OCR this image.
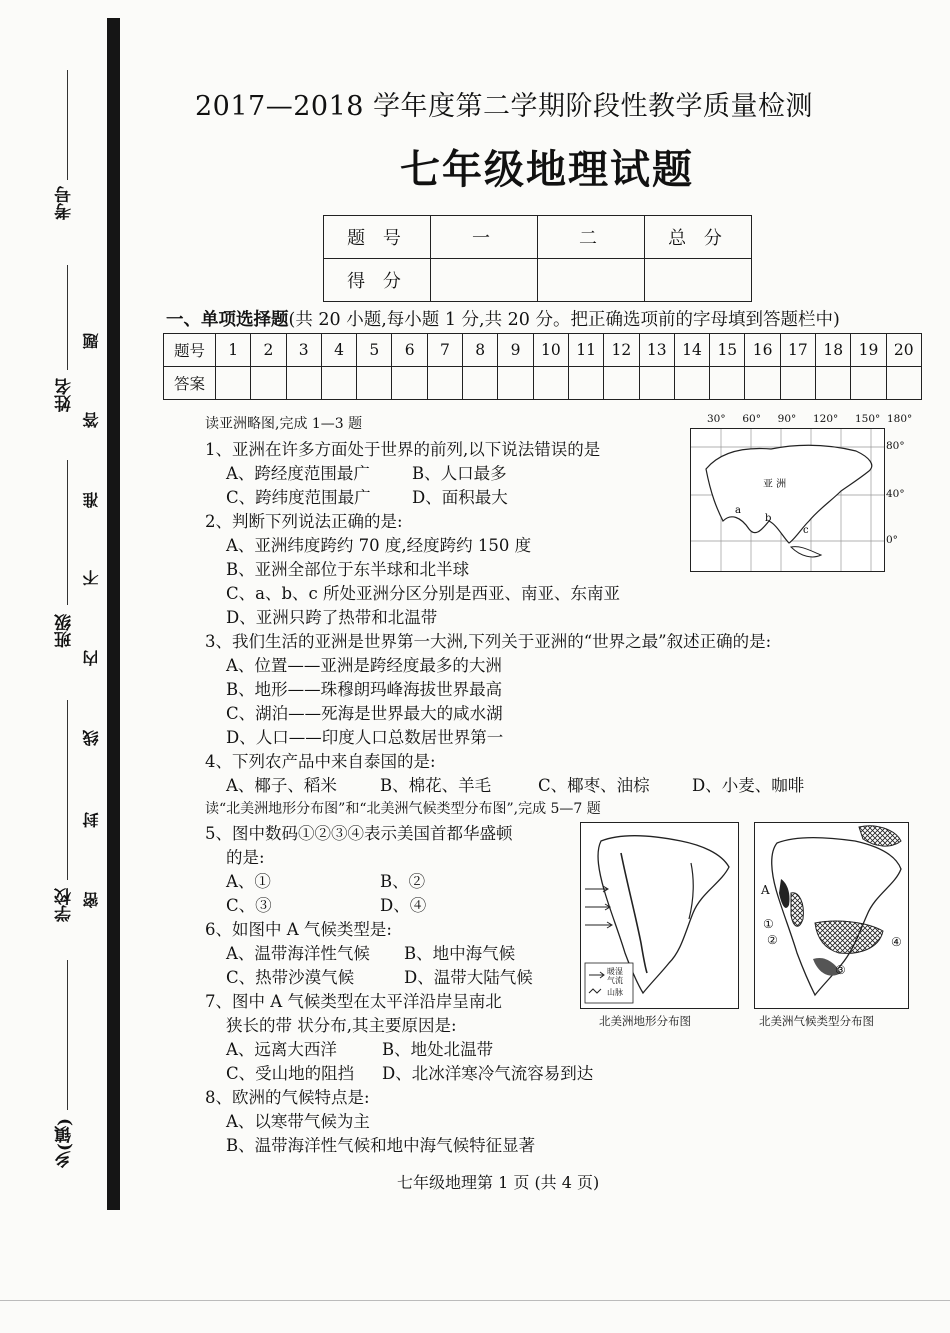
考号
姓名
班级
学校
乡(镇)
题
答
准
不
内
线
封
密
2017—2018 学年度第二学期阶段性教学质量检测
七年级地理试题
题 号	一	二	总 分
得 分			
一、单项选择题(共 20 小题,每小题 1 分,共 20 分。把正确选项前的字母填到答题栏中)
题号	1	2	3	4	5	6	7	8	9	10	11	12	13	14	15	16	17	18	19	20
答案																				
30° 60° 90° 120° 150° 180°
亚 洲
a
b
c
80°
40°
0°
暖湿气流
山脉
北美洲地形分布图
A
①
②
③
④
北美洲气候类型分布图
读亚洲略图,完成 1—3 题
1、亚洲在许多方面处于世界的前列,以下说法错误的是
A、跨经度范围最广	B、人口最多
C、跨纬度范围最广	D、面积最大
2、判断下列说法正确的是:
A、亚洲纬度跨约 70 度,经度跨约 150 度
B、亚洲全部位于东半球和北半球
C、a、b、c 所处亚洲分区分别是西亚、南亚、东南亚
D、亚洲只跨了热带和北温带
3、我们生活的亚洲是世界第一大洲,下列关于亚洲的“世界之最”叙述正确的是:
A、位置——亚洲是跨经度最多的大洲
B、地形——珠穆朗玛峰海拔世界最高
C、湖泊——死海是世界最大的咸水湖
D、人口——印度人口总数居世界第一
4、下列农产品中来自泰国的是:
A、椰子、稻米	B、棉花、羊毛	C、椰枣、油棕	D、小麦、咖啡
读“北美洲地形分布图”和“北美洲气候类型分布图”,完成 5—7 题
5、图中数码①②③④表示美国首都华盛顿
的是:
A、①	B、②
C、③	D、④
6、如图中 A 气候类型是:
A、温带海洋性气候 B、地中海气候
C、热带沙漠气候	D、温带大陆气候
7、图中 A 气候类型在太平洋沿岸呈南北
狭长的带 状分布,其主要原因是:
A、远离大西洋	B、地处北温带
C、受山地的阻挡 D、北冰洋寒冷气流容易到达
8、欧洲的气候特点是:
A、以寒带气候为主
B、温带海洋性气候和地中海气候特征显著
七年级地理第 1 页 (共 4 页)
